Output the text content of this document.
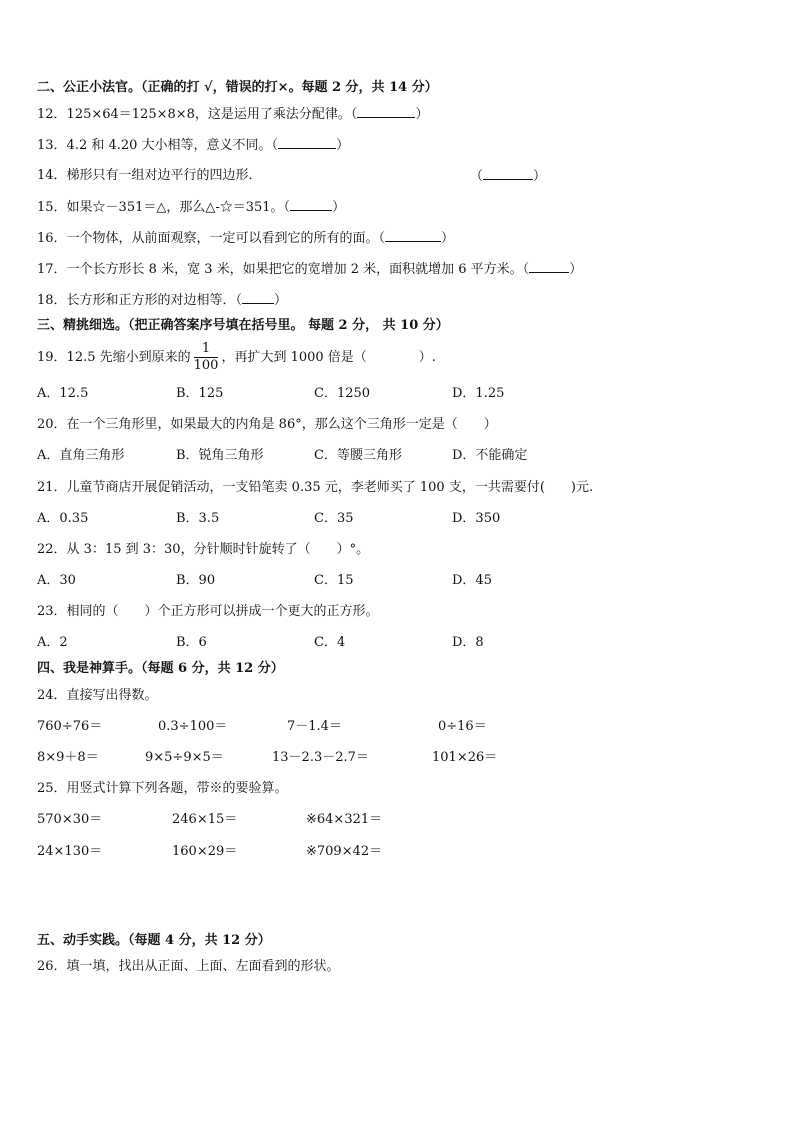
二、公正小法官。（正确的打 √，错误的打×。每题 2 分，共 14 分）
12．125×64＝125×8×8，这是运用了乘法分配律。（	）
13．4.2 和 4.20 大小相等，意义不同。（	）
14．梯形只有一组对边平行的四边形．	（	）
15．如果☆－351＝△，那么△-☆＝351。（	）
16．一个物体，从前面观察，一定可以看到它的所有的面。（	）
17．一个长方形长 8 米，宽 3 米，如果把它的宽增加 2 米，面积就增加 6 平方米。（	）
18．长方形和正方形的对边相等．（ ）
三、精挑细选。（把正确答案序号填在括号里。 每题 2 分， 共 10 分）
19．12.5 先缩小到原来的 $\frac{1}{100}$ ，再扩大到 1000 倍是（　　　　）.
A．12.5	B．125	C．1250	D．1.25
20．在一个三角形里，如果最大的内角是 86°，那么这个三角形一定是（　　）
A．直角三角形	B．锐角三角形	C．等腰三角形	D．不能确定
21．儿童节商店开展促销活动，一支铅笔卖 0.35 元，李老师买了 100 支，一共需要付(　　)元.
A．0.35	B．3.5	C．35	D．350
22．从 3：15 到 3：30，分针顺时针旋转了（　　）°。
A．30	B．90	C．15	D．45
23．相同的（　　）个正方形可以拼成一个更大的正方形。
A．2	B．6	C．4	D．8
四、我是神算手。（每题 6 分，共 12 分）
24．直接写出得数。
760÷76＝	0.3÷100＝	7－1.4＝	0÷16＝
8×9＋8＝	9×5÷9×5＝	13－2.3－2.7＝	101×26＝
25．用竖式计算下列各题，带※的要验算。
570×30＝	246×15＝	※64×321＝
24×130＝	160×29＝	※709×42＝
五、动手实践。（每题 4 分，共 12 分）
26．填一填，找出从正面、上面、左面看到的形状。
